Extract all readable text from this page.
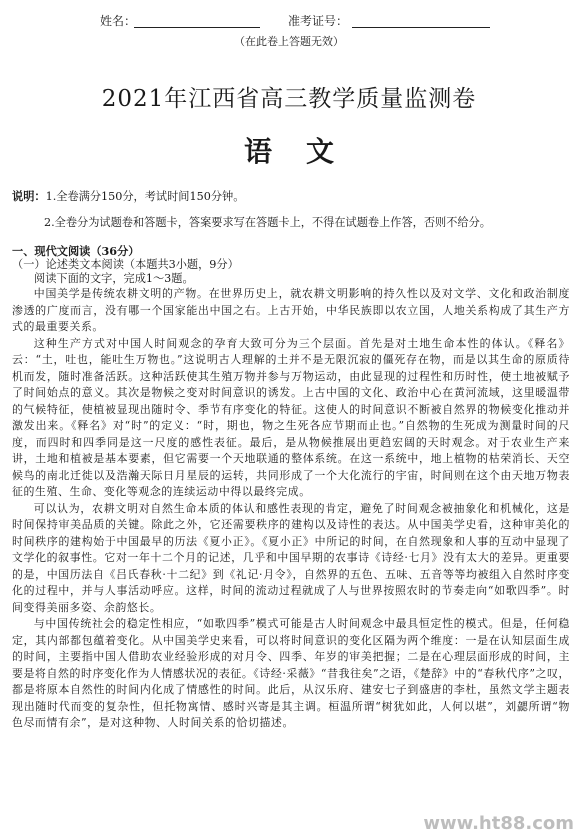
姓名：	准考证号：
（在此卷上答题无效）
2021年江西省高三教学质量监测卷
语文
说明：1.全卷满分150分，考试时间150分钟。
2.全卷分为试题卷和答题卡，答案要求写在答题卡上，不得在试题卷上作答，否则不给分。
一、现代文阅读（36分）
（一）论述类文本阅读（本题共3小题，9分）
阅读下面的文字，完成1～3题。

中国美学是传统农耕文明的产物。在世界历史上，就农耕文明影响的持久性以及对文学、文化和政治制度渗透的广度而言，没有哪一个国家能出中国之右。上古开始，中华民族即以农立国，人地关系构成了其生产方式的最重要关系。

这种生产方式对中国人时间观念的孕育大致可分为三个层面。首先是对土地生命本性的体认。《释名》云：“土，吐也，能吐生万物也。”这说明古人理解的土并不是无限沉寂的僵死存在物，而是以其生命的原质待机而发，随时准备活跃。这种活跃使其生殖万物并参与万物运动，由此显现的过程性和历时性，使土地被赋予了时间始点的意义。其次是物候之变对时间意识的诱发。上古中国的文化、政治中心在黄河流域，这里暖温带的气候特征，使植被显现出随时令、季节有序变化的特征。这使人的时间意识不断被自然界的物候变化推动并激发出来。《释名》对“时”的定义：“时，期也，物之生死各应节期而止也。”自然物的生死成为测量时间的尺度，而四时和四季同是这一尺度的感性表征。最后，是从物候推展出更趋宏阔的天时观念。对于农业生产来讲，土地和植被是基本要素，但它需要一个天地联通的整体系统。在这一系统中，地上植物的枯荣消长、天空候鸟的南北迁徙以及浩瀚天际日月星辰的运转，共同形成了一个大化流行的宇宙，时间则在这个由天地万物表征的生殖、生命、变化等观念的连续运动中得以最终完成。

可以认为，农耕文明对自然生命本质的体认和感性表现的肯定，避免了时间观念被抽象化和机械化，这是时间保持审美品质的关键。除此之外，它还需要秩序的建构以及诗性的表达。从中国美学史看，这种审美化的时间秩序的建构始于中国最早的历法《夏小正》。《夏小正》中所记的时间，在自然现象和人事的互动中显现了文学化的叙事性。它对一年十二个月的记述，几乎和中国早期的农事诗《诗经·七月》没有太大的差异。更重要的是，中国历法自《吕氏春秋·十二纪》到《礼记·月令》，自然界的五色、五味、五音等等均被组入自然时序变化的过程中，并与人事活动呼应。这样，时间的流动过程就成了人与世界按照农时的节奏走向“如歌四季”。时间变得美丽多姿、余韵悠长。

与中国传统社会的稳定性相应，“如歌四季”模式可能是古人时间观念中最具恒定性的模式。但是，任何稳定，其内部都包蕴着变化。从中国美学史来看，可以将时间意识的变化区隔为两个维度：一是在认知层面生成的时间，主要指中国人借助农业经验形成的对月令、四季、年岁的审美把握；二是在心理层面形成的时间，主要是将自然的时序变化作为人情感状况的表征。《诗经·采薇》“昔我往矣”之语，《楚辞》中的“春秋代序”之叹，都是将原本自然性的时间内化成了情感性的时间。此后，从汉乐府、建安七子到盛唐的李杜，虽然文学主题表现出随时代而变的复杂性，但托物寓情、感时兴寄是其主调。桓温所谓“树犹如此，人何以堪”，刘勰所谓“物色尽而情有余”，是对这种物、人时间关系的恰切描述。

www.ht88.com
